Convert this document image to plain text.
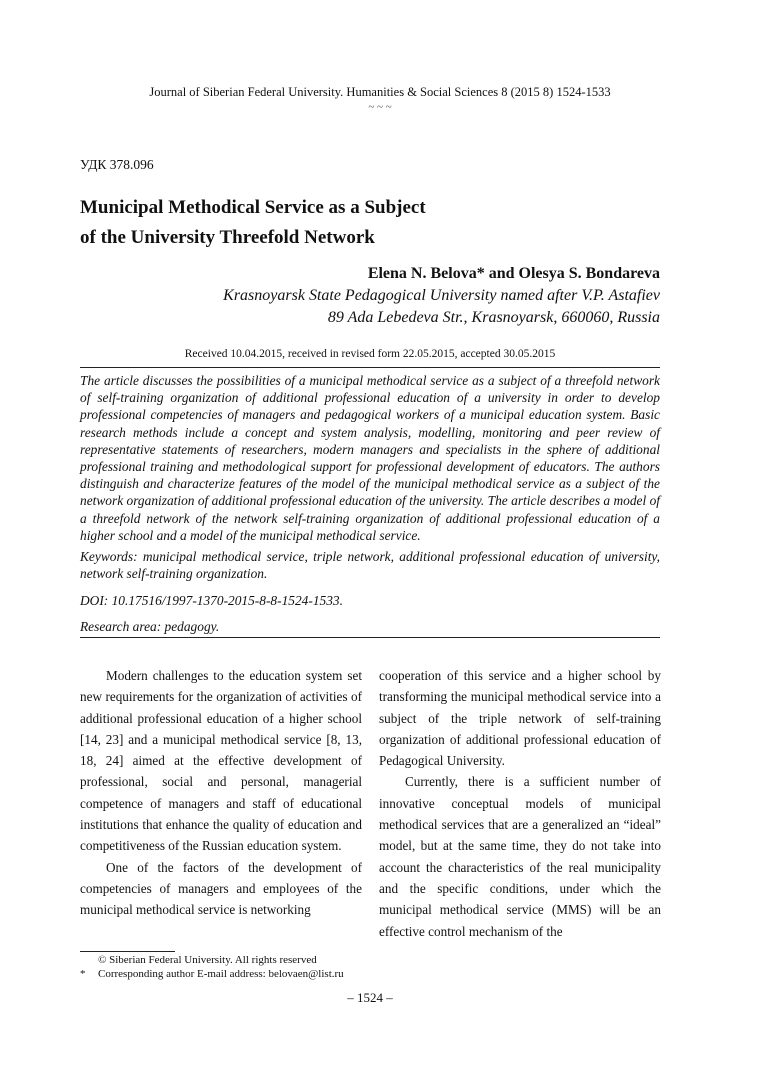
Journal of Siberian Federal University. Humanities & Social Sciences 8 (2015 8) 1524-1533
~ ~ ~
УДК 378.096
Municipal Methodical Service as a Subject
of the University Threefold Network
Elena N. Belova* and Olesya S. Bondareva
Krasnoyarsk State Pedagogical University named after V.P. Astafiev
89 Ada Lebedeva Str., Krasnoyarsk, 660060, Russia
Received 10.04.2015, received in revised form 22.05.2015, accepted 30.05.2015

The article discusses the possibilities of a municipal methodical service as a subject of a threefold network of self-training organization of additional professional education of a university in order to develop professional competencies of managers and pedagogical workers of a municipal education system. Basic research methods include a concept and system analysis, modelling, monitoring and peer review of representative statements of researchers, modern managers and specialists in the sphere of additional professional training and methodological support for professional development of educators. The authors distinguish and characterize features of the model of the municipal methodical service as a subject of the network organization of additional professional education of the university. The article describes a model of a threefold network of the network self-training organization of additional professional education of a higher school and a model of the municipal methodical service.

Keywords: municipal methodical service, triple network, additional professional education of university, network self-training organization.

DOI: 10.17516/1997-1370-2015-8-8-1524-1533.

Research area: pedagogy.

Modern challenges to the education system set new requirements for the organization of activities of additional professional education of a higher school [14, 23] and a municipal methodical service [8, 13, 18, 24] aimed at the effective development of professional, social and personal, managerial competence of managers and staff of educational institutions that enhance the quality of education and competitiveness of the Russian education system.

One of the factors of the development of competencies of managers and employees of the municipal methodical service is networking

cooperation of this service and a higher school by transforming the municipal methodical service into a subject of the triple network of self-training organization of additional professional education of Pedagogical University.

Currently, there is a sufficient number of innovative conceptual models of municipal methodical services that are a generalized an “ideal” model, but at the same time, they do not take into account the characteristics of the real municipality and the specific conditions, under which the municipal methodical service (MMS) will be an effective control mechanism of the

© Siberian Federal University. All rights reserved
* Corresponding author E-mail address: belovaen@list.ru
– 1524 –
